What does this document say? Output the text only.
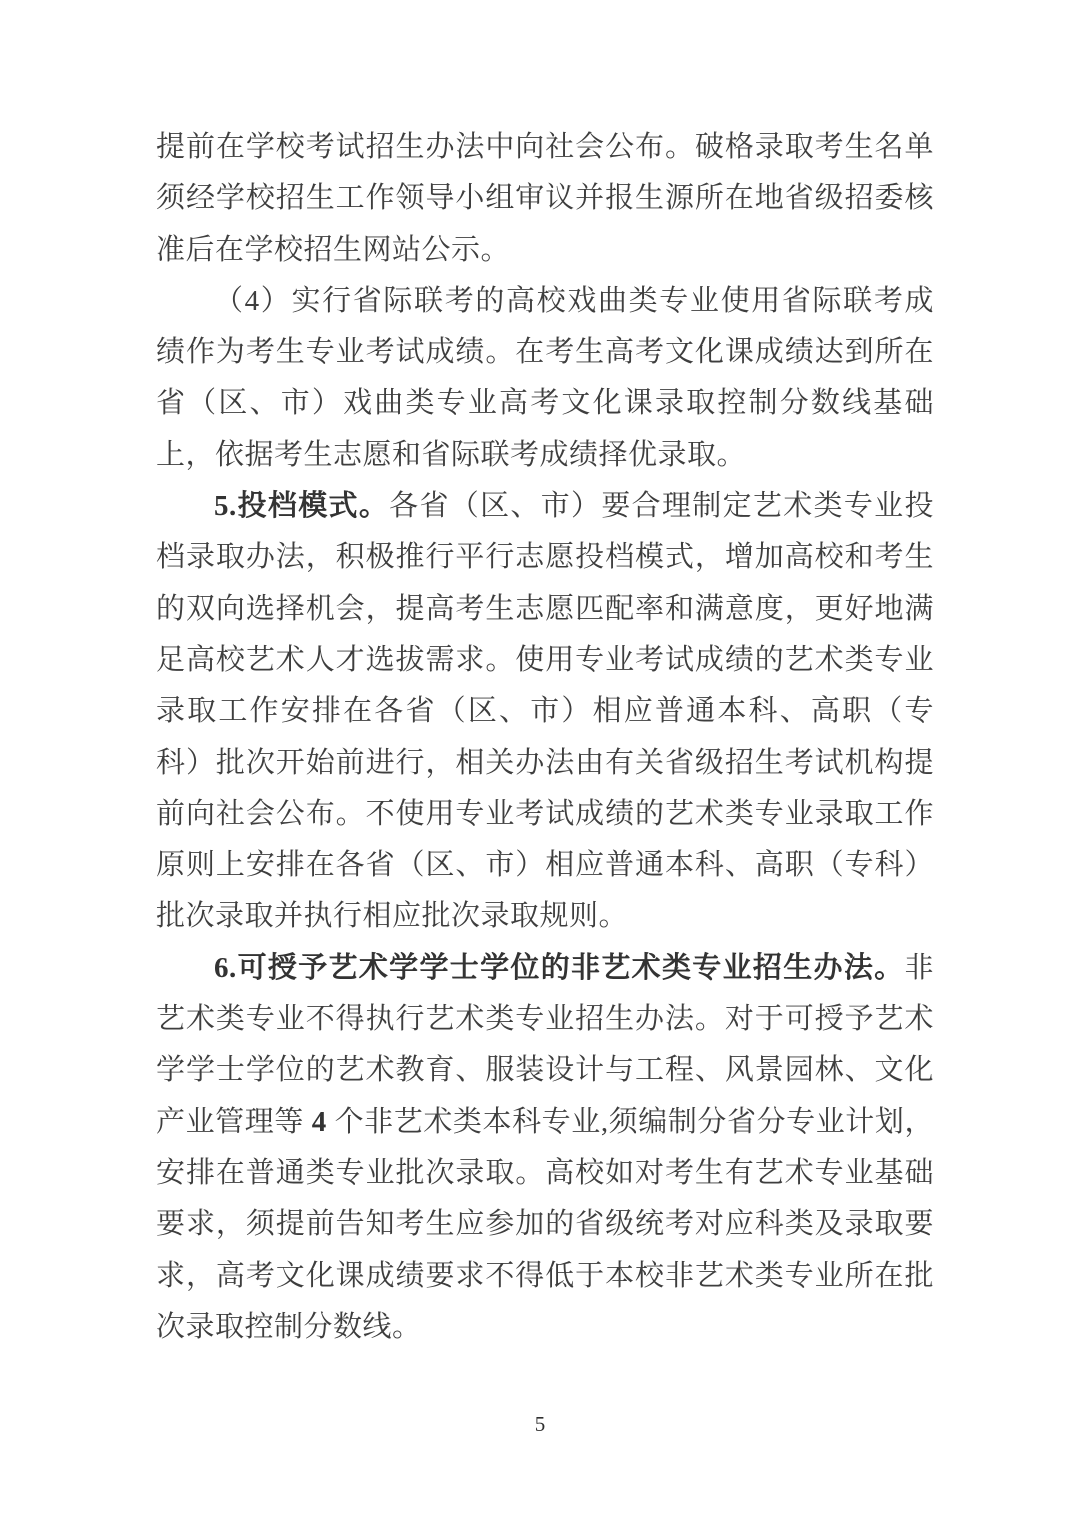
提前在学校考试招生办法中向社会公布。破格录取考生名单须经学校招生工作领导小组审议并报生源所在地省级招委核准后在学校招生网站公示。

（4）实行省际联考的高校戏曲类专业使用省际联考成绩作为考生专业考试成绩。在考生高考文化课成绩达到所在省（区、市）戏曲类专业高考文化课录取控制分数线基础上，依据考生志愿和省际联考成绩择优录取。

5.投档模式。各省（区、市）要合理制定艺术类专业投档录取办法，积极推行平行志愿投档模式，增加高校和考生的双向选择机会，提高考生志愿匹配率和满意度，更好地满足高校艺术人才选拔需求。使用专业考试成绩的艺术类专业录取工作安排在各省（区、市）相应普通本科、高职（专科）批次开始前进行，相关办法由有关省级招生考试机构提前向社会公布。不使用专业考试成绩的艺术类专业录取工作原则上安排在各省（区、市）相应普通本科、高职（专科）批次录取并执行相应批次录取规则。

6.可授予艺术学学士学位的非艺术类专业招生办法。非艺术类专业不得执行艺术类专业招生办法。对于可授予艺术学学士学位的艺术教育、服装设计与工程、风景园林、文化产业管理等 4 个非艺术类本科专业,须编制分省分专业计划，安排在普通类专业批次录取。高校如对考生有艺术专业基础要求，须提前告知考生应参加的省级统考对应科类及录取要求，高考文化课成绩要求不得低于本校非艺术类专业所在批次录取控制分数线。

5
